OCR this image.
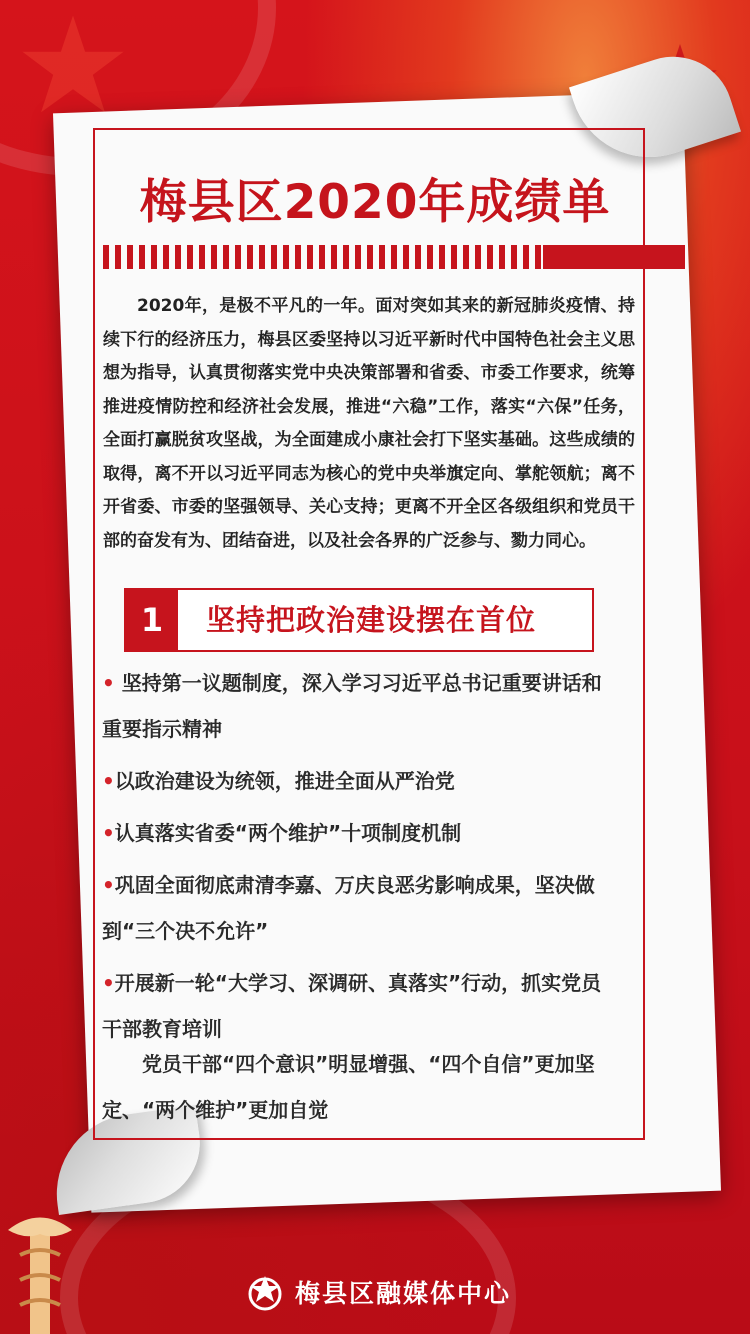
梅县区2020年成绩单
2020年，是极不平凡的一年。面对突如其来的新冠肺炎疫情、持续下行的经济压力，梅县区委坚持以习近平新时代中国特色社会主义思想为指导，认真贯彻落实党中央决策部署和省委、市委工作要求，统筹推进疫情防控和经济社会发展，推进“六稳”工作，落实“六保”任务，全面打赢脱贫攻坚战，为全面建成小康社会打下坚实基础。这些成绩的取得，离不开以习近平同志为核心的党中央举旗定向、掌舵领航；离不开省委、市委的坚强领导、关心支持；更离不开全区各级组织和党员干部的奋发有为、团结奋进，以及社会各界的广泛参与、勠力同心。
1	坚持把政治建设摆在首位
• 坚持第一议题制度，深入学习习近平总书记重要讲话和重要指示精神
•以政治建设为统领，推进全面从严治党
•认真落实省委“两个维护”十项制度机制
•巩固全面彻底肃清李嘉、万庆良恶劣影响成果，坚决做到“三个决不允许”
•开展新一轮“大学习、深调研、真落实”行动，抓实党员干部教育培训
党员干部“四个意识”明显增强、“四个自信”更加坚定、“两个维护”更加自觉
梅县区融媒体中心
